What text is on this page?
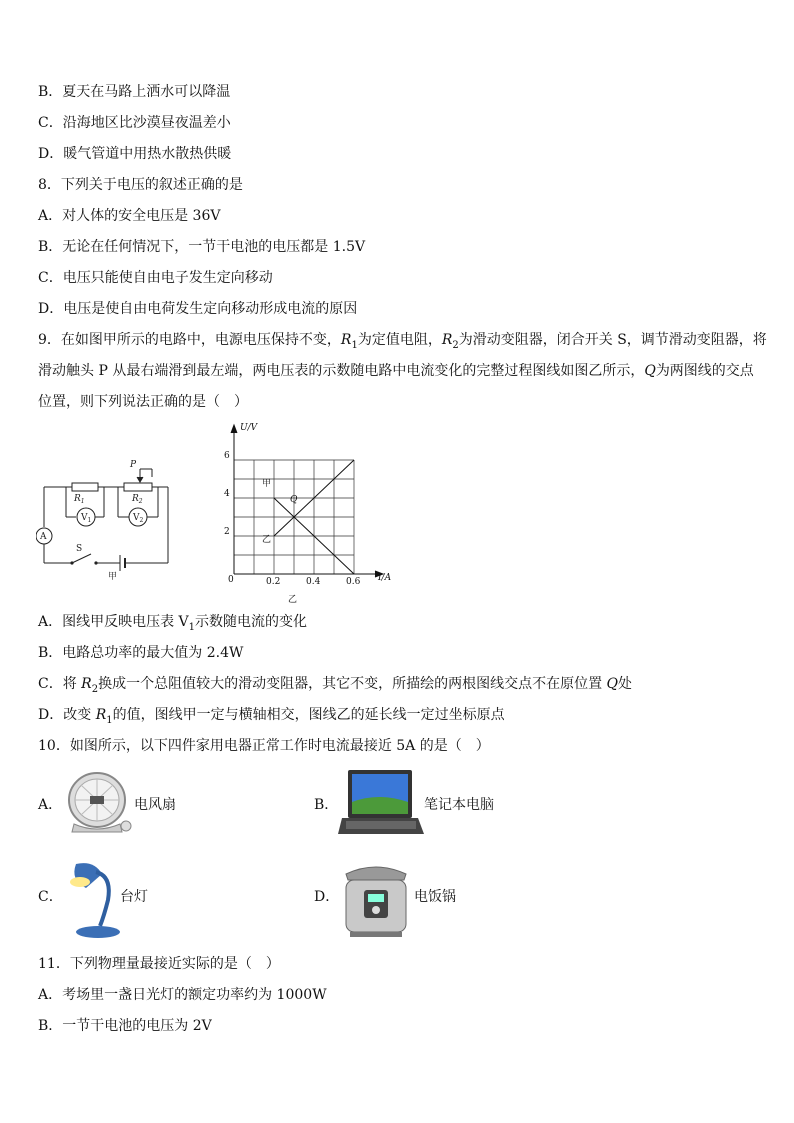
B．夏天在马路上洒水可以降温
C．沿海地区比沙漠昼夜温差小
D．暖气管道中用热水散热供暖
8．下列关于电压的叙述正确的是
A．对人体的安全电压是 36V
B．无论在任何情况下，一节干电池的电压都是 1.5V
C．电压只能使自由电子发生定向移动
D．电压是使自由电荷发生定向移动形成电流的原因
9．在如图甲所示的电路中，电源电压保持不变，$R_1$为定值电阻，$R_2$为滑动变阻器，闭合开关 S，调节滑动变阻器，将
滑动触头 P 从最右端滑到最左端，两电压表的示数随电路中电流变化的完整过程图线如图乙所示，Q为两图线的交点
位置，则下列说法正确的是（　）
P
$R_1$	$R_2$
$V_1$	$V_2$
A
S
甲
U/V
I/A
0
2
4
6
0.2	0.4	0.6
甲
乙
Q
乙
A．图线甲反映电压表 $V_1$示数随电流的变化
B．电路总功率的最大值为 2.4W
C．将 $R_2$换成一个总阻值较大的滑动变阻器，其它不变，所描绘的两根图线交点不在原位置 Q处
D．改变 $R_1$的值，图线甲一定与横轴相交，图线乙的延长线一定过坐标原点
10．如图所示，以下四件家用电器正常工作时电流最接近 5A 的是（　）
A．	电风扇	B．	笔记本电脑
C．	台灯	D．	电饭锅
11．下列物理量最接近实际的是（　）
A．考场里一盏日光灯的额定功率约为 1000W
B．一节干电池的电压为 2V
